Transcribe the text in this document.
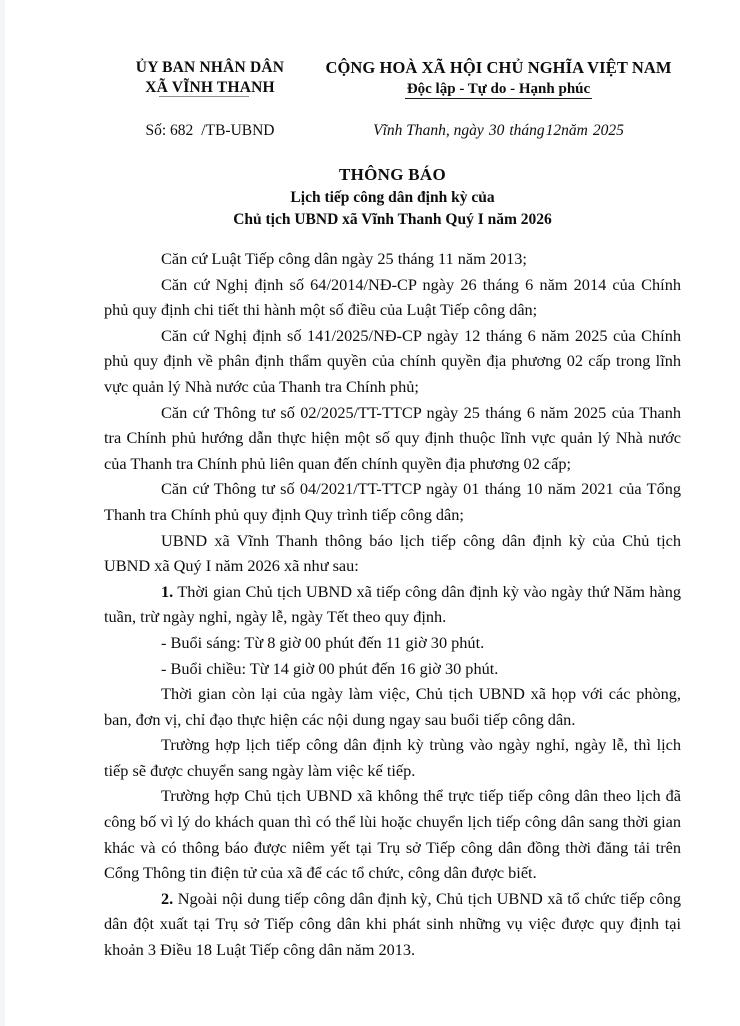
ỦY BAN NHÂN DÂN
XÃ VĨNH THANH
CỘNG HOÀ XÃ HỘI CHỦ NGHĨA VIỆT NAM
Độc lập - Tự do - Hạnh phúc
Số: 682 /TB-UBND	Vĩnh Thanh, ngày 30 tháng12năm 2025
THÔNG BÁO
Lịch tiếp công dân định kỳ của
Chủ tịch UBND xã Vĩnh Thanh Quý I năm 2026

Căn cứ Luật Tiếp công dân ngày 25 tháng 11 năm 2013;

Căn cứ Nghị định số 64/2014/NĐ-CP ngày 26 tháng 6 năm 2014 của Chính phủ quy định chi tiết thi hành một số điều của Luật Tiếp công dân;

Căn cứ Nghị định số 141/2025/NĐ-CP ngày 12 tháng 6 năm 2025 của Chính phủ quy định về phân định thẩm quyền của chính quyền địa phương 02 cấp trong lĩnh vực quản lý Nhà nước của Thanh tra Chính phủ;

Căn cứ Thông tư số 02/2025/TT-TTCP ngày 25 tháng 6 năm 2025 của Thanh tra Chính phủ hướng dẫn thực hiện một số quy định thuộc lĩnh vực quản lý Nhà nước của Thanh tra Chính phủ liên quan đến chính quyền địa phương 02 cấp;

Căn cứ Thông tư số 04/2021/TT-TTCP ngày 01 tháng 10 năm 2021 của Tổng Thanh tra Chính phủ quy định Quy trình tiếp công dân;

UBND xã Vĩnh Thanh thông báo lịch tiếp công dân định kỳ của Chủ tịch UBND xã Quý I năm 2026 xã như sau:

1. Thời gian Chủ tịch UBND xã tiếp công dân định kỳ vào ngày thứ Năm hàng tuần, trừ ngày nghỉ, ngày lễ, ngày Tết theo quy định.

- Buổi sáng: Từ 8 giờ 00 phút đến 11 giờ 30 phút.

- Buổi chiều: Từ 14 giờ 00 phút đến 16 giờ 30 phút.

Thời gian còn lại của ngày làm việc, Chủ tịch UBND xã họp với các phòng, ban, đơn vị, chỉ đạo thực hiện các nội dung ngay sau buổi tiếp công dân.

Trường hợp lịch tiếp công dân định kỳ trùng vào ngày nghỉ, ngày lễ, thì lịch tiếp sẽ được chuyển sang ngày làm việc kế tiếp.

Trường hợp Chủ tịch UBND xã không thể trực tiếp tiếp công dân theo lịch đã công bố vì lý do khách quan thì có thể lùi hoặc chuyển lịch tiếp công dân sang thời gian khác và có thông báo được niêm yết tại Trụ sở Tiếp công dân đồng thời đăng tải trên Cổng Thông tin điện tử của xã để các tổ chức, công dân được biết.

2. Ngoài nội dung tiếp công dân định kỳ, Chủ tịch UBND xã tổ chức tiếp công dân đột xuất tại Trụ sở Tiếp công dân khi phát sinh những vụ việc được quy định tại khoản 3 Điều 18 Luật Tiếp công dân năm 2013.
